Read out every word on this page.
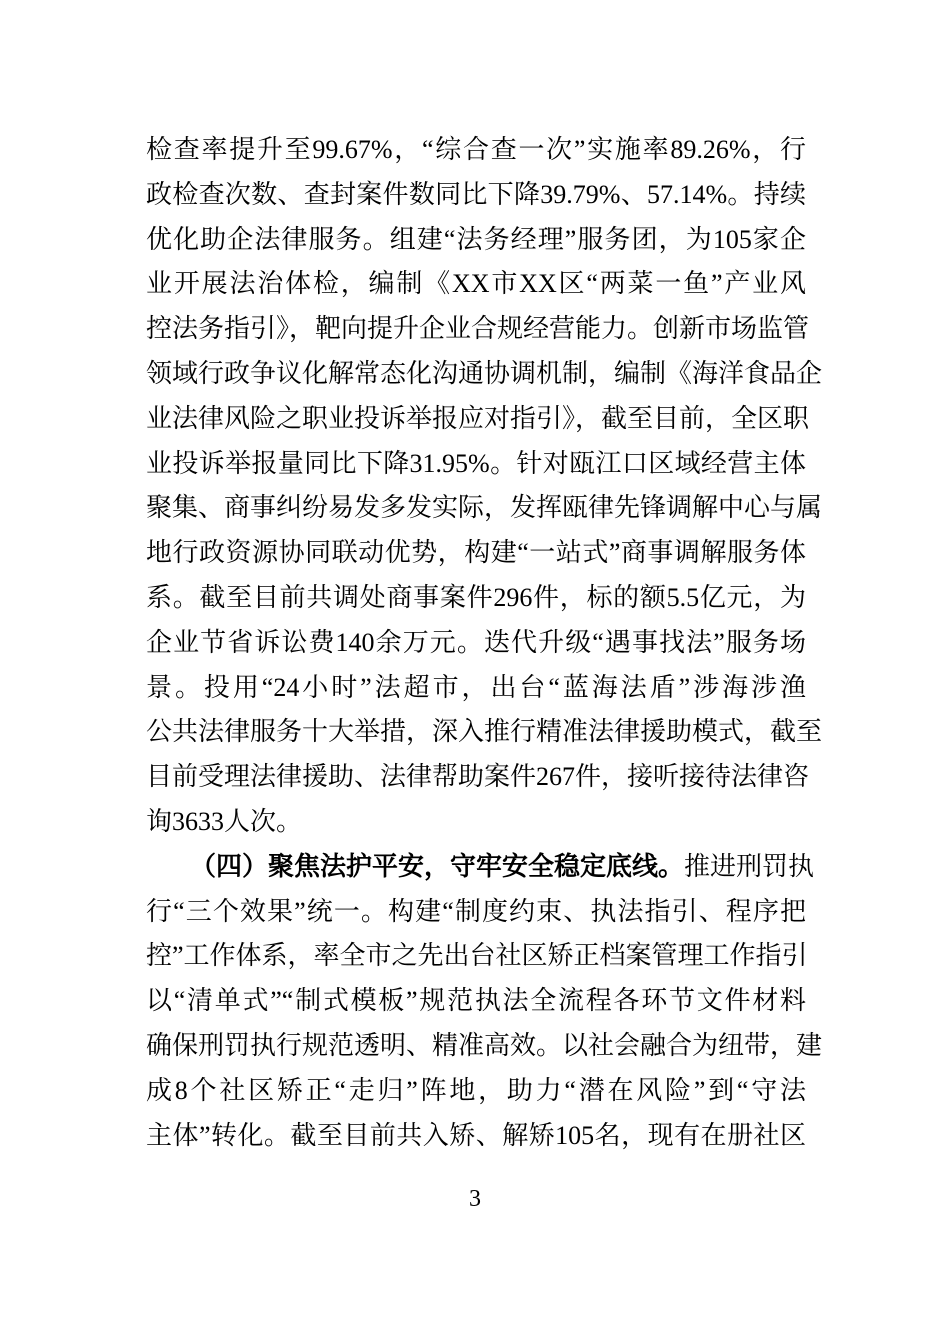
检查率提升至99.67%，“综合查一次”实施率89.26%，行
政检查次数、查封案件数同比下降39.79%、57.14%。持续
优化助企法律服务。组建“法务经理”服务团，为105家企
业开展法治体检，编制《XX市XX区“两菜一鱼”产业风
控法务指引》，靶向提升企业合规经营能力。创新市场监管
领域行政争议化解常态化沟通协调机制，编制《海洋食品企
业法律风险之职业投诉举报应对指引》，截至目前，全区职
业投诉举报量同比下降31.95%。针对瓯江口区域经营主体
聚集、商事纠纷易发多发实际，发挥瓯律先锋调解中心与属
地行政资源协同联动优势，构建“一站式”商事调解服务体
系。截至目前共调处商事案件296件，标的额5.5亿元，为
企业节省诉讼费140余万元。迭代升级“遇事找法”服务场
景。投用“24小时”法超市，出台“蓝海法盾”涉海涉渔
公共法律服务十大举措，深入推行精准法律援助模式，截至
目前受理法律援助、法律帮助案件267件，接听接待法律咨
询3633人次。
（四）聚焦法护平安，守牢安全稳定底线。推进刑罚执
行“三个效果”统一。构建“制度约束、执法指引、程序把
控”工作体系，率全市之先出台社区矫正档案管理工作指引
以“清单式”“制式模板”规范执法全流程各环节文件材料
确保刑罚执行规范透明、精准高效。以社会融合为纽带，建
成8个社区矫正“走归”阵地，助力“潜在风险”到“守法
主体”转化。截至目前共入矫、解矫105名，现有在册社区
3
